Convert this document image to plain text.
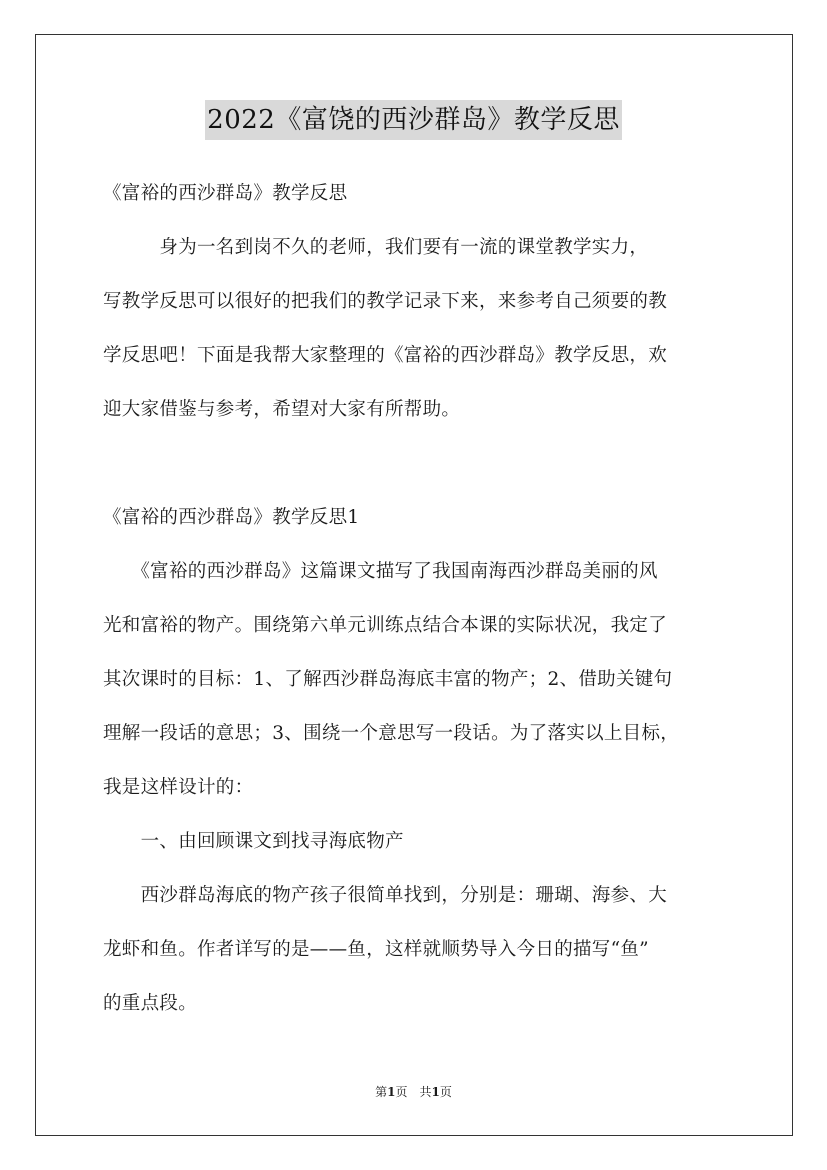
2022《富饶的西沙群岛》教学反思
《富裕的西沙群岛》教学反思
　　　身为一名到岗不久的老师，我们要有一流的课堂教学实力，
写教学反思可以很好的把我们的教学记录下来，来参考自己须要的教
学反思吧！下面是我帮大家整理的《富裕的西沙群岛》教学反思，欢
迎大家借鉴与参考，希望对大家有所帮助。
《富裕的西沙群岛》教学反思1
　　《富裕的西沙群岛》这篇课文描写了我国南海西沙群岛美丽的风
光和富裕的物产。围绕第六单元训练点结合本课的实际状况，我定了
其次课时的目标：1、了解西沙群岛海底丰富的物产；2、借助关键句
理解一段话的意思；3、围绕一个意思写一段话。为了落实以上目标，
我是这样设计的：
　　一、由回顾课文到找寻海底物产
　　西沙群岛海底的物产孩子很简单找到，分别是：珊瑚、海参、大
龙虾和鱼。作者详写的是——鱼，这样就顺势导入今日的描写“鱼”
的重点段。
第1页　共1页
